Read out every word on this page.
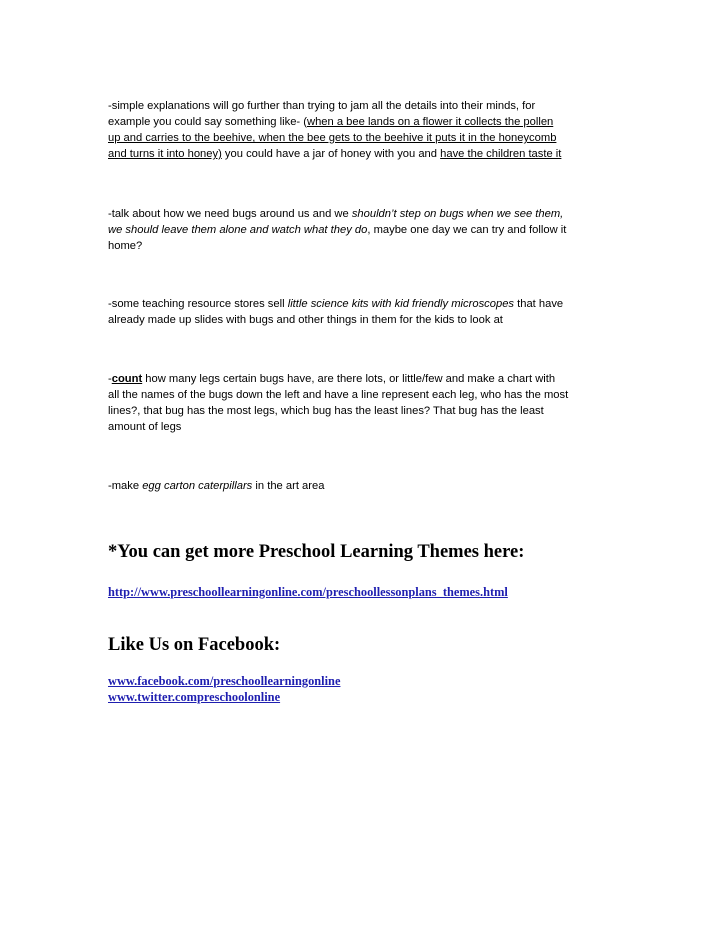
-simple explanations will go further than trying to jam all the details into their minds, for
example you could say something like- (when a bee lands on a flower it collects the pollen
up and carries to the beehive, when the bee gets to the beehive it puts it in the honeycomb
and turns it into honey) you could have a jar of honey with you and have the children taste it

-talk about how we need bugs around us and we shouldn’t step on bugs when we see them,
we should leave them alone and watch what they do, maybe one day we can try and follow it
home?

-some teaching resource stores sell little science kits with kid friendly microscopes that have
already made up slides with bugs and other things in them for the kids to look at

-count how many legs certain bugs have, are there lots, or little/few and make a chart with
all the names of the bugs down the left and have a line represent each leg, who has the most
lines?, that bug has the most legs, which bug has the least lines? That bug has the least
amount of legs

-make egg carton caterpillars in the art area

*You can get more Preschool Learning Themes here:
http://www.preschoollearningonline.com/preschoollessonplans_themes.html
Like Us on Facebook:
www.facebook.com/preschoollearningonline
www.twitter.compreschoolonline
